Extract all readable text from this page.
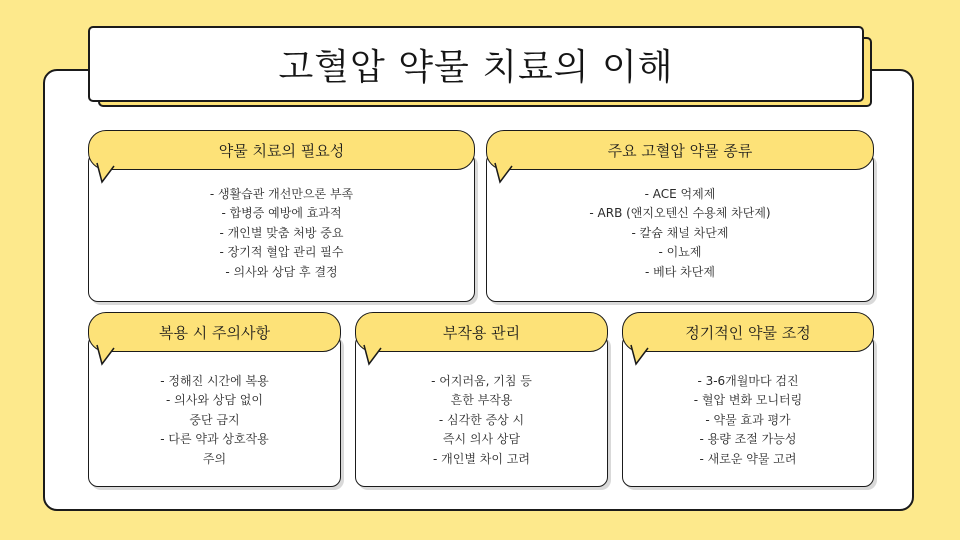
고혈압 약물 치료의 이해
약물 치료의 필요성
- 생활습관 개선만으론 부족
- 합병증 예방에 효과적
- 개인별 맞춤 처방 중요
- 장기적 혈압 관리 필수
- 의사와 상담 후 결정
주요 고혈압 약물 종류
- ACE 억제제
- ARB (앤지오텐신 수용체 차단제)
- 칼슘 채널 차단제
- 이뇨제
- 베타 차단제
복용 시 주의사항
- 정해진 시간에 복용
- 의사와 상담 없이
중단 금지
- 다른 약과 상호작용
주의
부작용 관리
- 어지러움, 기침 등
흔한 부작용
- 심각한 증상 시
즉시 의사 상담
- 개인별 차이 고려
정기적인 약물 조정
- 3-6개월마다 검진
- 혈압 변화 모니터링
- 약물 효과 평가
- 용량 조절 가능성
- 새로운 약물 고려
